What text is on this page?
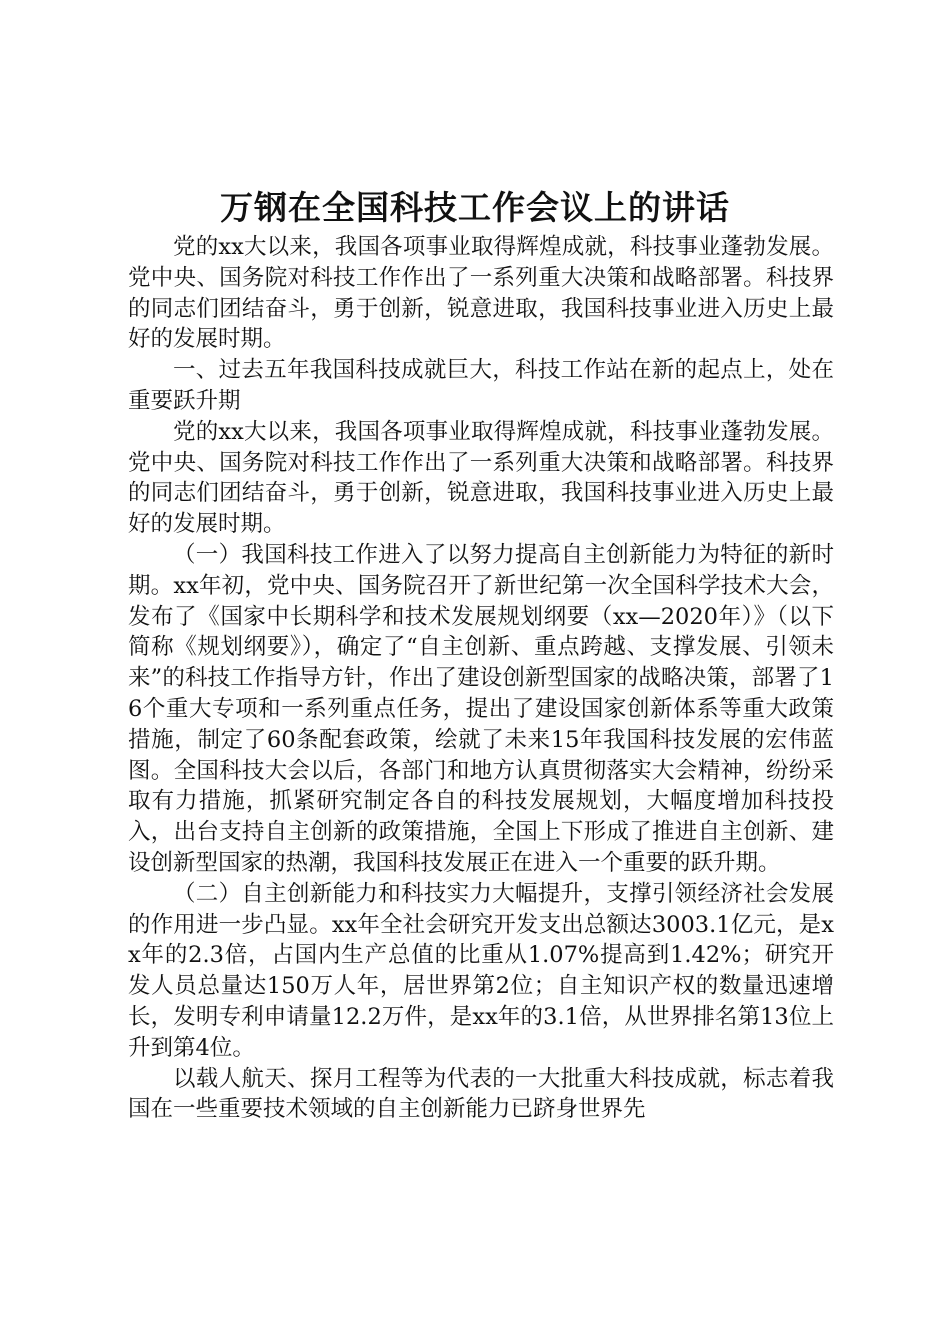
万钢在全国科技工作会议上的讲话

党的xx大以来，我国各项事业取得辉煌成就，科技事业蓬勃发展。党中央、国务院对科技工作作出了一系列重大决策和战略部署。科技界的同志们团结奋斗，勇于创新，锐意进取，我国科技事业进入历史上最好的发展时期。

一、过去五年我国科技成就巨大，科技工作站在新的起点上，处在重要跃升期

党的xx大以来，我国各项事业取得辉煌成就，科技事业蓬勃发展。党中央、国务院对科技工作作出了一系列重大决策和战略部署。科技界的同志们团结奋斗，勇于创新，锐意进取，我国科技事业进入历史上最好的发展时期。

（一）我国科技工作进入了以努力提高自主创新能力为特征的新时期。xx年初，党中央、国务院召开了新世纪第一次全国科学技术大会，发布了《国家中长期科学和技术发展规划纲要（xx—2020年）》（以下简称《规划纲要》），确定了“自主创新、重点跨越、支撑发展、引领未来”的科技工作指导方针，作出了建设创新型国家的战略决策，部署了16个重大专项和一系列重点任务，提出了建设国家创新体系等重大政策措施，制定了60条配套政策，绘就了未来15年我国科技发展的宏伟蓝图。全国科技大会以后，各部门和地方认真贯彻落实大会精神，纷纷采取有力措施，抓紧研究制定各自的科技发展规划，大幅度增加科技投入，出台支持自主创新的政策措施，全国上下形成了推进自主创新、建设创新型国家的热潮，我国科技发展正在进入一个重要的跃升期。

（二）自主创新能力和科技实力大幅提升，支撑引领经济社会发展的作用进一步凸显。xx年全社会研究开发支出总额达3003.1亿元，是xx年的2.3倍，占国内生产总值的比重从1.07%提高到1.42%；研究开发人员总量达150万人年，居世界第2位；自主知识产权的数量迅速增长，发明专利申请量12.2万件，是xx年的3.1倍，从世界排名第13位上升到第4位。

以载人航天、探月工程等为代表的一大批重大科技成就，标志着我国在一些重要技术领域的自主创新能力已跻身世界先
